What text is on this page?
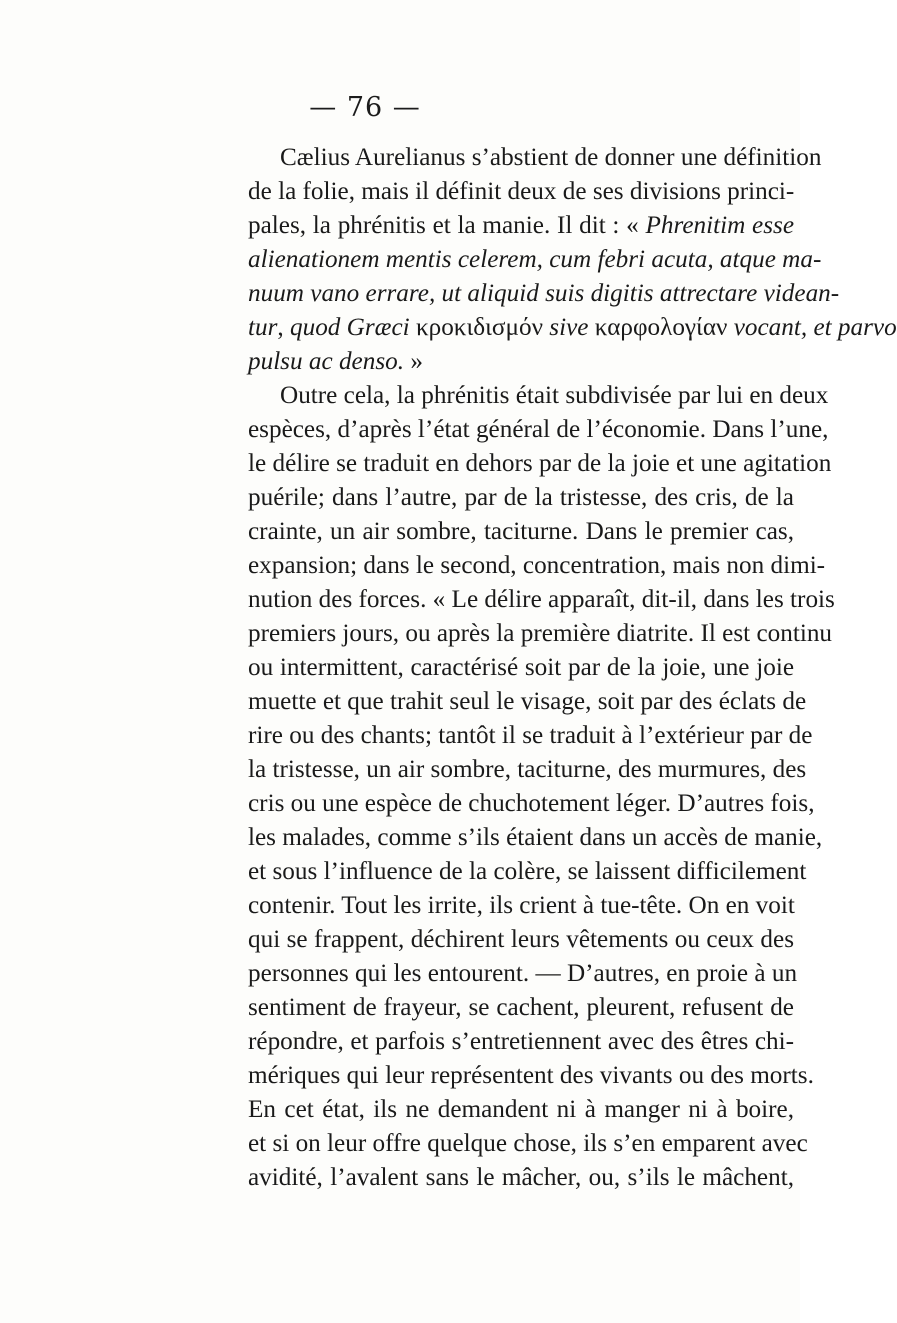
— 76 —
Cælius Aurelianus s’abstient de donner une définition
de la folie, mais il définit deux de ses divisions princi-
pales, la phrénitis et la manie. Il dit : « Phrenitim esse
alienationem mentis celerem, cum febri acuta, atque ma-
nuum vano errare, ut aliquid suis digitis attrectare videan-
tur, quod Græci κροκιδισμόν sive καρφολογίαν vocant, et parvo
pulsu ac denso. »
Outre cela, la phrénitis était subdivisée par lui en deux
espèces, d’après l’état général de l’économie. Dans l’une,
le délire se traduit en dehors par de la joie et une agitation
puérile; dans l’autre, par de la tristesse, des cris, de la
crainte, un air sombre, taciturne. Dans le premier cas,
expansion; dans le second, concentration, mais non dimi-
nution des forces. « Le délire apparaît, dit-il, dans les trois
premiers jours, ou après la première diatrite. Il est continu
ou intermittent, caractérisé soit par de la joie, une joie
muette et que trahit seul le visage, soit par des éclats de
rire ou des chants; tantôt il se traduit à l’extérieur par de
la tristesse, un air sombre, taciturne, des murmures, des
cris ou une espèce de chuchotement léger. D’autres fois,
les malades, comme s’ils étaient dans un accès de manie,
et sous l’influence de la colère, se laissent difficilement
contenir. Tout les irrite, ils crient à tue-tête. On en voit
qui se frappent, déchirent leurs vêtements ou ceux des
personnes qui les entourent. — D’autres, en proie à un
sentiment de frayeur, se cachent, pleurent, refusent de
répondre, et parfois s’entretiennent avec des êtres chi-
mériques qui leur représentent des vivants ou des morts.
En cet état, ils ne demandent ni à manger ni à boire,
et si on leur offre quelque chose, ils s’en emparent avec
avidité, l’avalent sans le mâcher, ou, s’ils le mâchent,
